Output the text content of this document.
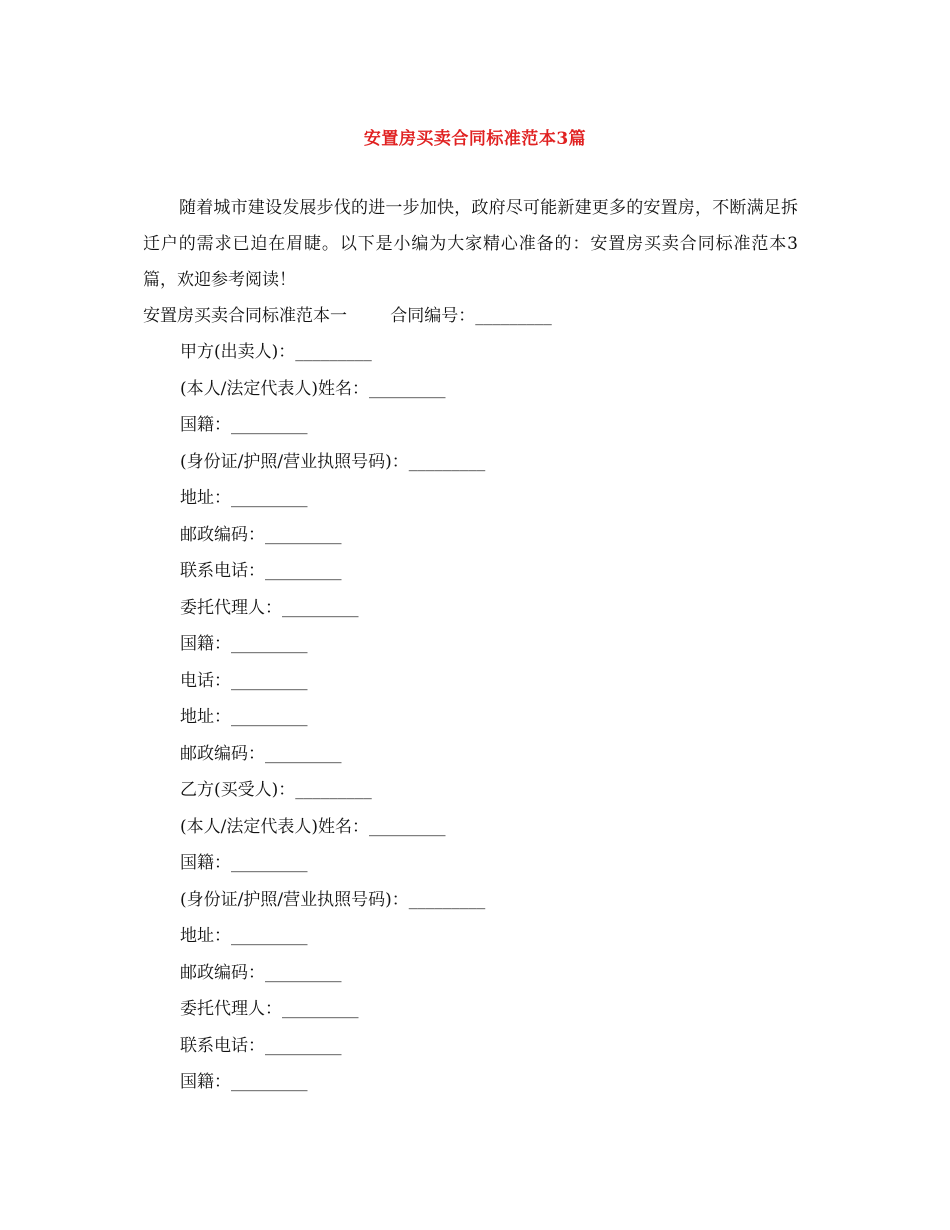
安置房买卖合同标准范本3篇

随着城市建设发展步伐的进一步加快，政府尽可能新建更多的安置房，不断满足拆迁户的需求已迫在眉睫。以下是小编为大家精心准备的：安置房买卖合同标准范本3篇，欢迎参考阅读！

安置房买卖合同标准范本一	合同编号：_________
甲方(出卖人)：_________
(本人/法定代表人)姓名：_________
国籍：_________
(身份证/护照/营业执照号码)：_________
地址：_________
邮政编码：_________
联系电话：_________
委托代理人：_________
国籍：_________
电话：_________
地址：_________
邮政编码：_________
乙方(买受人)：_________
(本人/法定代表人)姓名：_________
国籍：_________
(身份证/护照/营业执照号码)：_________
地址：_________
邮政编码：_________
委托代理人：_________
联系电话：_________
国籍：_________
